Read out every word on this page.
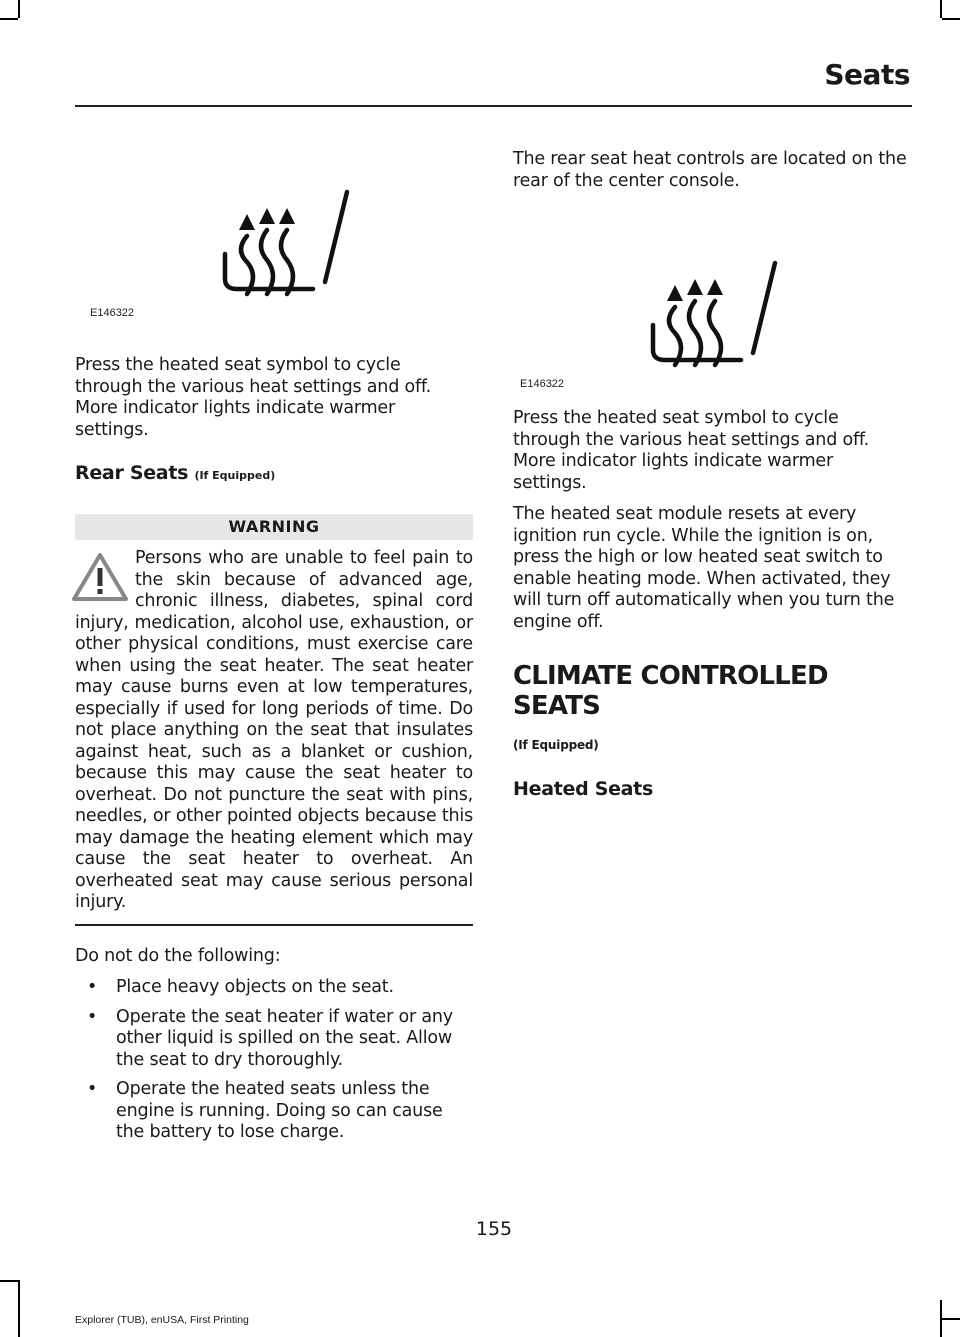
Seats
E146322

Press the heated seat symbol to cycle through the various heat settings and off. More indicator lights indicate warmer settings.

Rear Seats (If Equipped)
WARNING

Persons who are unable to feel pain to the skin because of advanced age, chronic illness, diabetes, spinal cord injury, medication, alcohol use, exhaustion, or other physical conditions, must exercise care when using the seat heater. The seat heater may cause burns even at low temperatures, especially if used for long periods of time. Do not place anything on the seat that insulates against heat, such as a blanket or cushion, because this may cause the seat heater to overheat. Do not puncture the seat with pins, needles, or other pointed objects because this may damage the heating element which may cause the seat heater to overheat. An overheated seat may cause serious personal injury.

Do not do the following:

• Place heavy objects on the seat.
• Operate the seat heater if water or any other liquid is spilled on the seat. Allow the seat to dry thoroughly.
• Operate the heated seats unless the engine is running. Doing so can cause the battery to lose charge.

The rear seat heat controls are located on the rear of the center console.

E146322

Press the heated seat symbol to cycle through the various heat settings and off. More indicator lights indicate warmer settings.

The heated seat module resets at every ignition run cycle. While the ignition is on, press the high or low heated seat switch to enable heating mode. When activated, they will turn off automatically when you turn the engine off.

CLIMATE CONTROLLED SEATS

(If Equipped)

Heated Seats

155
Explorer (TUB), enUSA, First Printing
